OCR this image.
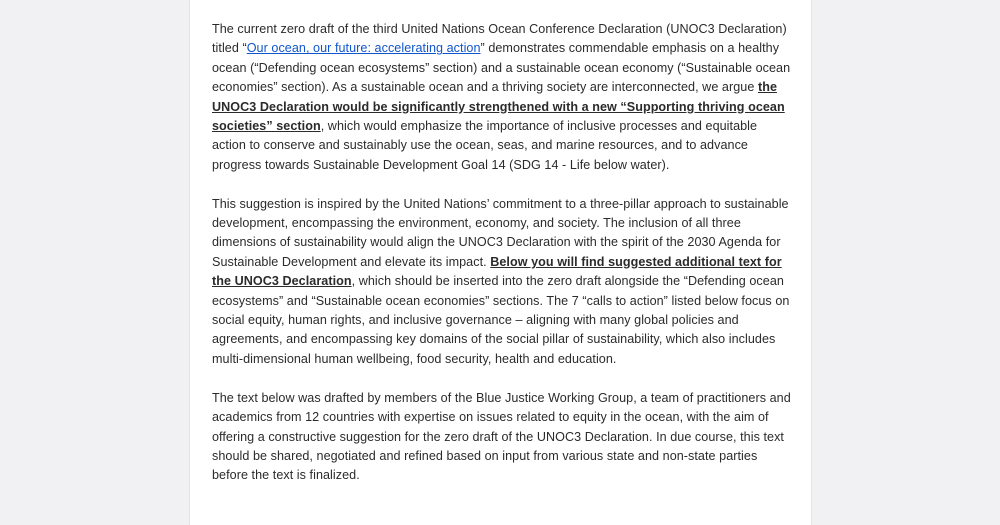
The current zero draft of the third United Nations Ocean Conference Declaration (UNOC3 Declaration) titled “Our ocean, our future: accelerating action” demonstrates commendable emphasis on a healthy ocean (“Defending ocean ecosystems” section) and a sustainable ocean economy (“Sustainable ocean economies” section). As a sustainable ocean and a thriving society are interconnected, we argue the UNOC3 Declaration would be significantly strengthened with a new “Supporting thriving ocean societies” section, which would emphasize the importance of inclusive processes and equitable action to conserve and sustainably use the ocean, seas, and marine resources, and to advance progress towards Sustainable Development Goal 14 (SDG 14 - Life below water).

This suggestion is inspired by the United Nations’ commitment to a three-pillar approach to sustainable development, encompassing the environment, economy, and society. The inclusion of all three dimensions of sustainability would align the UNOC3 Declaration with the spirit of the 2030 Agenda for Sustainable Development and elevate its impact. Below you will find suggested additional text for the UNOC3 Declaration, which should be inserted into the zero draft alongside the “Defending ocean ecosystems” and “Sustainable ocean economies” sections. The 7 “calls to action” listed below focus on social equity, human rights, and inclusive governance – aligning with many global policies and agreements, and encompassing key domains of the social pillar of sustainability, which also includes multi-dimensional human wellbeing, food security, health and education.

The text below was drafted by members of the Blue Justice Working Group, a team of practitioners and academics from 12 countries with expertise on issues related to equity in the ocean, with the aim of offering a constructive suggestion for the zero draft of the UNOC3 Declaration. In due course, this text should be shared, negotiated and refined based on input from various state and non-state parties before the text is finalized.
